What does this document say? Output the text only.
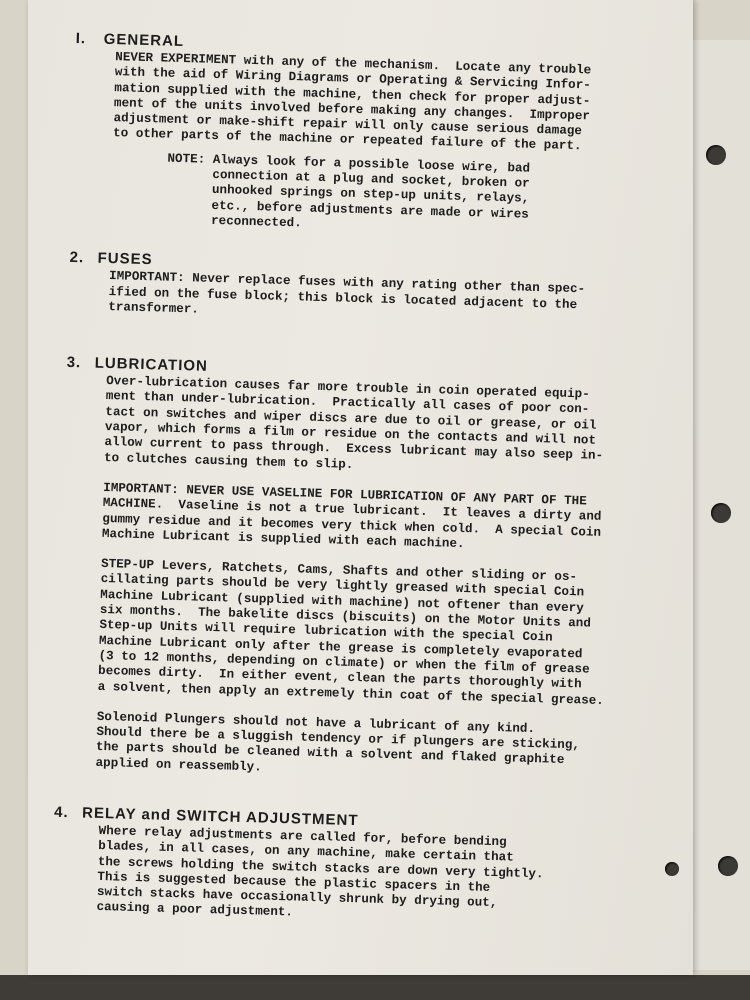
I. GENERAL

NEVER EXPERIMENT with any of the mechanism.  Locate any trouble
with the aid of Wiring Diagrams or Operating & Servicing Infor-
mation supplied with the machine, then check for proper adjust-
ment of the units involved before making any changes.  Improper
adjustment or make-shift repair will only cause serious damage
to other parts of the machine or repeated failure of the part.

NOTE: Always look for a possible loose wire, bad
connection at a plug and socket, broken or
unhooked springs on step-up units, relays,
etc., before adjustments are made or wires
reconnected.

2. FUSES

IMPORTANT: Never replace fuses with any rating other than spec-
ified on the fuse block; this block is located adjacent to the
transformer.

3. LUBRICATION

Over-lubrication causes far more trouble in coin operated equip-
ment than under-lubrication.  Practically all cases of poor con-
tact on switches and wiper discs are due to oil or grease, or oil
vapor, which forms a film or residue on the contacts and will not
allow current to pass through.  Excess lubricant may also seep in-
to clutches causing them to slip.

IMPORTANT: NEVER USE VASELINE FOR LUBRICATION OF ANY PART OF THE
MACHINE.  Vaseline is not a true lubricant.  It leaves a dirty and
gummy residue and it becomes very thick when cold.  A special Coin
Machine Lubricant is supplied with each machine.

STEP-UP Levers, Ratchets, Cams, Shafts and other sliding or os-
cillating parts should be very lightly greased with special Coin
Machine Lubricant (supplied with machine) not oftener than every
six months.  The bakelite discs (biscuits) on the Motor Units and
Step-up Units will require lubrication with the special Coin
Machine Lubricant only after the grease is completely evaporated
(3 to 12 months, depending on climate) or when the film of grease
becomes dirty.  In either event, clean the parts thoroughly with
a solvent, then apply an extremely thin coat of the special grease.

Solenoid Plungers should not have a lubricant of any kind.
Should there be a sluggish tendency or if plungers are sticking,
the parts should be cleaned with a solvent and flaked graphite
applied on reassembly.

4. RELAY and SWITCH ADJUSTMENT

Where relay adjustments are called for, before bending
blades, in all cases, on any machine, make certain that
the screws holding the switch stacks are down very tightly.
This is suggested because the plastic spacers in the
switch stacks have occasionally shrunk by drying out,
causing a poor adjustment.
